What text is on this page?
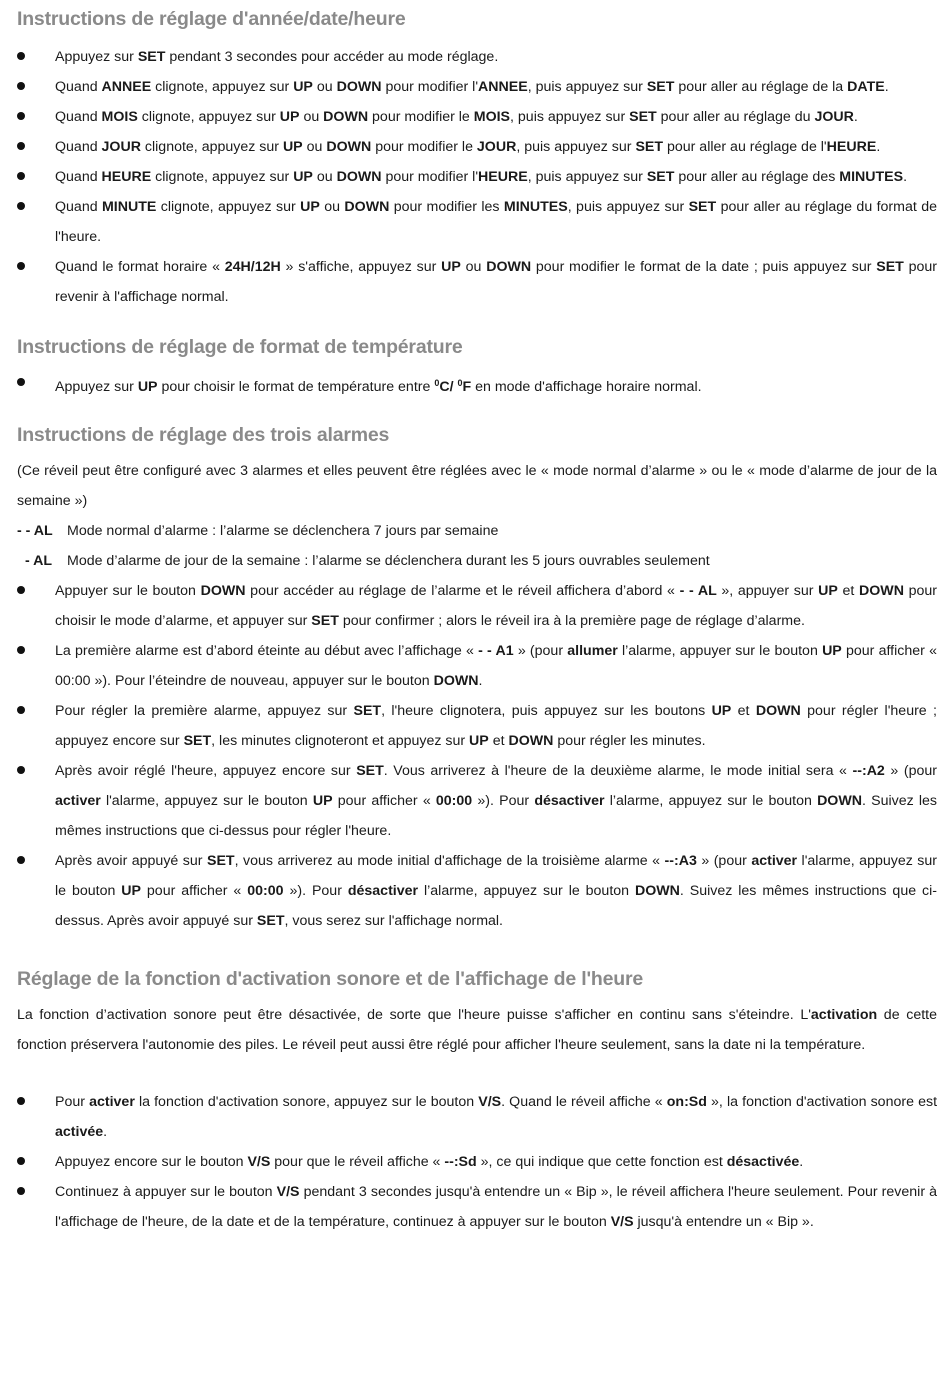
Instructions de réglage d'année/date/heure

Appuyez sur SET pendant 3 secondes pour accéder au mode réglage.

Quand ANNEE clignote, appuyez sur UP ou DOWN pour modifier l'ANNEE, puis appuyez sur SET pour aller au réglage de la DATE.

Quand MOIS clignote, appuyez sur UP ou DOWN pour modifier le MOIS, puis appuyez sur SET pour aller au réglage du JOUR.

Quand JOUR clignote, appuyez sur UP ou DOWN pour modifier le JOUR, puis appuyez sur SET pour aller au réglage de l'HEURE.

Quand HEURE clignote, appuyez sur UP ou DOWN pour modifier l'HEURE, puis appuyez sur SET pour aller au réglage des MINUTES.

Quand MINUTE clignote, appuyez sur UP ou DOWN pour modifier les MINUTES, puis appuyez sur SET pour aller au réglage du format de l'heure.

Quand le format horaire « 24H/12H » s'affiche, appuyez sur UP ou DOWN pour modifier le format de la date ; puis appuyez sur SET pour revenir à l'affichage normal.

Instructions de réglage de format de température

Appuyez sur UP pour choisir le format de température entre $^0$C/ $^0$F en mode d'affichage horaire normal.

Instructions de réglage des trois alarmes

(Ce réveil peut être configuré avec 3 alarmes et elles peuvent être réglées avec le « mode normal d’alarme » ou le « mode d’alarme de jour de la semaine »)

- - AL Mode normal d’alarme : l’alarme se déclenchera 7 jours par semaine

- AL Mode d’alarme de jour de la semaine : l’alarme se déclenchera durant les 5 jours ouvrables seulement

Appuyer sur le bouton DOWN pour accéder au réglage de l’alarme et le réveil affichera d’abord « - - AL », appuyer sur UP et DOWN pour choisir le mode d’alarme, et appuyer sur SET pour confirmer ; alors le réveil ira à la première page de réglage d’alarme.

La première alarme est d’abord éteinte au début avec l’affichage « - - A1 » (pour allumer l’alarme, appuyer sur le bouton UP pour afficher « 00:00 »). Pour l’éteindre de nouveau, appuyer sur le bouton DOWN.

Pour régler la première alarme, appuyez sur SET, l'heure clignotera, puis appuyez sur les boutons UP et DOWN pour régler l'heure ; appuyez encore sur SET, les minutes clignoteront et appuyez sur UP et DOWN pour régler les minutes.

Après avoir réglé l'heure, appuyez encore sur SET. Vous arriverez à l'heure de la deuxième alarme, le mode initial sera « --:A2 » (pour activer l'alarme, appuyez sur le bouton UP pour afficher « 00:00 »). Pour désactiver l’alarme, appuyez sur le bouton DOWN. Suivez les mêmes instructions que ci-dessus pour régler l'heure.

Après avoir appuyé sur SET, vous arriverez au mode initial d'affichage de la troisième alarme « --:A3 » (pour activer l'alarme, appuyez sur le bouton UP pour afficher « 00:00 »). Pour désactiver l’alarme, appuyez sur le bouton DOWN. Suivez les mêmes instructions que ci-dessus. Après avoir appuyé sur SET, vous serez sur l'affichage normal.

Réglage de la fonction d'activation sonore et de l'affichage de l'heure

La fonction d’activation sonore peut être désactivée, de sorte que l'heure puisse s'afficher en continu sans s'éteindre. L'activation de cette fonction préservera l'autonomie des piles. Le réveil peut aussi être réglé pour afficher l'heure seulement, sans la date ni la température.

Pour activer la fonction d'activation sonore, appuyez sur le bouton V/S. Quand le réveil affiche « on:Sd », la fonction d'activation sonore est activée.

Appuyez encore sur le bouton V/S pour que le réveil affiche « --:Sd », ce qui indique que cette fonction est désactivée.

Continuez à appuyer sur le bouton V/S pendant 3 secondes jusqu'à entendre un « Bip », le réveil affichera l'heure seulement. Pour revenir à l'affichage de l'heure, de la date et de la température, continuez à appuyer sur le bouton V/S jusqu'à entendre un « Bip ».
